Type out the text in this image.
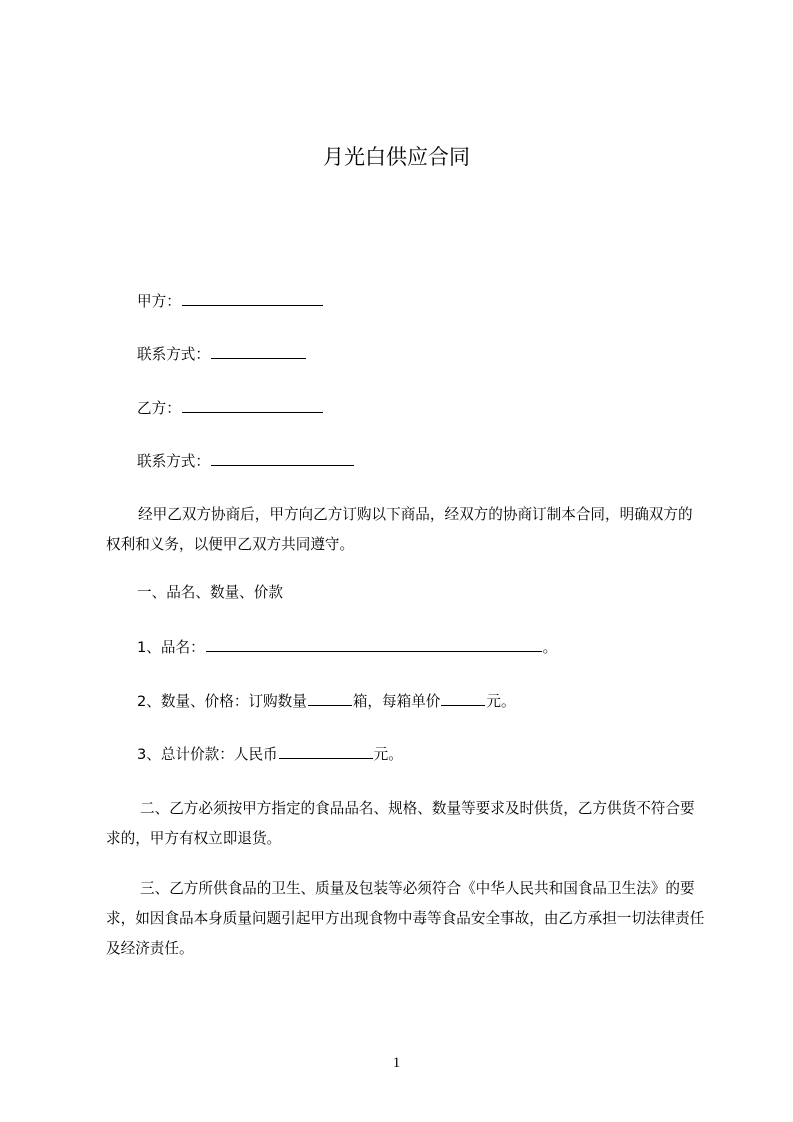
月光白供应合同
甲方：
联系方式：
乙方：
联系方式：
经甲乙双方协商后，甲方向乙方订购以下商品，经双方的协商订制本合同，明确双方的权利和义务，以便甲乙双方共同遵守。
一、品名、数量、价款
1、品名：	。
2、数量、价格：订购数量	箱，每箱单价	元。
3、总计价款：人民币	元。
二、乙方必须按甲方指定的食品品名、规格、数量等要求及时供货，乙方供货不符合要求的，甲方有权立即退货。
三、乙方所供食品的卫生、质量及包装等必须符合《中华人民共和国食品卫生法》的要求，如因食品本身质量问题引起甲方出现食物中毒等食品安全事故，由乙方承担一切法律责任及经济责任。
1
